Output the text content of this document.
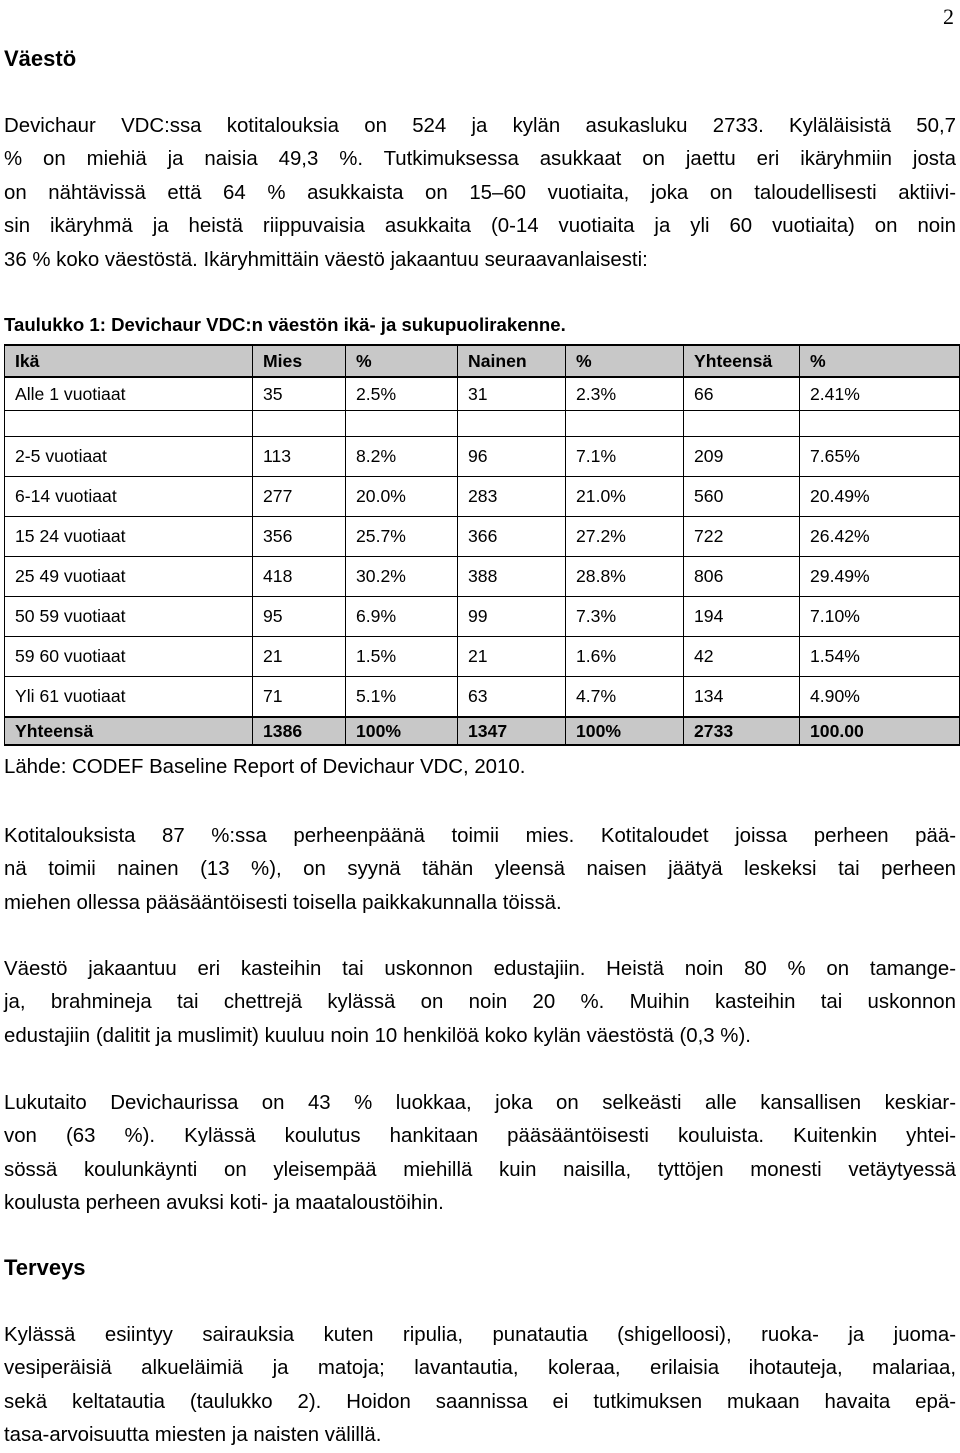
2
Väestö

Devichaur VDC:ssa kotitalouksia on 524 ja kylän asukasluku 2733. Kyläläisistä 50,7
% on miehiä ja naisia 49,3 %. Tutkimuksessa asukkaat on jaettu eri ikäryhmiin josta
on nähtävissä että 64 % asukkaista on 15–60 vuotiaita, joka on taloudellisesti aktiivi-
sin ikäryhmä ja heistä riippuvaisia asukkaita (0-14 vuotiaita ja yli 60 vuotiaita) on noin
36 % koko väestöstä. Ikäryhmittäin väestö jakaantuu seuraavanlaisesti:

Taulukko 1: Devichaur VDC:n väestön ikä- ja sukupuolirakenne.
Ikä	Mies	%	Nainen	%	Yhteensä	%
Alle 1 vuotiaat	35	2.5%	31	2.3%	66	2.41%

2-5 vuotiaat	113	8.2%	96	7.1%	209	7.65%
6-14 vuotiaat	277	20.0%	283	21.0%	560	20.49%
15 24 vuotiaat	356	25.7%	366	27.2%	722	26.42%
25 49 vuotiaat	418	30.2%	388	28.8%	806	29.49%
50 59 vuotiaat	95	6.9%	99	7.3%	194	7.10%
59 60 vuotiaat	21	1.5%	21	1.6%	42	1.54%
Yli 61 vuotiaat	71	5.1%	63	4.7%	134	4.90%
Yhteensä	1386	100%	1347	100%	2733	100.00
Lähde: CODEF Baseline Report of Devichaur VDC, 2010.

Kotitalouksista 87 %:ssa perheenpäänä toimii mies. Kotitaloudet joissa perheen pää-
nä toimii nainen (13 %), on syynä tähän yleensä naisen jäätyä leskeksi tai perheen
miehen ollessa pääsääntöisesti toisella paikkakunnalla töissä.

Väestö jakaantuu eri kasteihin tai uskonnon edustajiin. Heistä noin 80 % on tamange-
ja, brahmineja tai chettrejä kylässä on noin 20 %. Muihin kasteihin tai uskonnon
edustajiin (dalitit ja muslimit) kuuluu noin 10 henkilöä koko kylän väestöstä (0,3 %).

Lukutaito Devichaurissa on 43 % luokkaa, joka on selkeästi alle kansallisen keskiar-
von (63 %). Kylässä koulutus hankitaan pääsääntöisesti kouluista. Kuitenkin yhtei-
sössä koulunkäynti on yleisempää miehillä kuin naisilla, tyttöjen monesti vetäytyessä
koulusta perheen avuksi koti- ja maataloustöihin.

Terveys

Kylässä esiintyy sairauksia kuten ripulia, punatautia (shigelloosi), ruoka- ja juoma-
vesiperäisiä alkueläimiä ja matoja; lavantautia, koleraa, erilaisia ihotauteja, malariaa,
sekä keltatautia (taulukko 2). Hoidon saannissa ei tutkimuksen mukaan havaita epä-
tasa-arvoisuutta miesten ja naisten välillä.
